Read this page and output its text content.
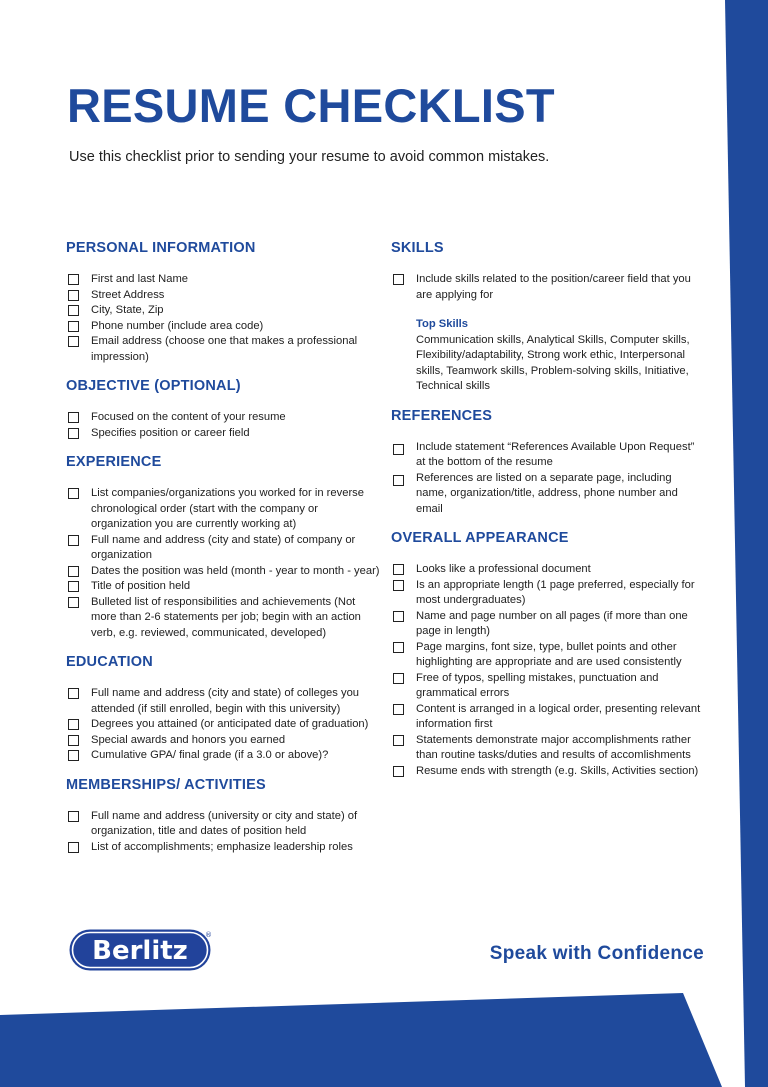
RESUME CHECKLIST

Use this checklist prior to sending your resume to avoid common mistakes.

PERSONAL INFORMATION
First and last Name
Street Address
City, State, Zip
Phone number (include area code)
Email address (choose one that makes a professional impression)
OBJECTIVE (OPTIONAL)
Focused on the content of your resume
Specifies position or career field
EXPERIENCE
List companies/organizations you worked for in reverse chronological order (start with the company or organization you are currently working at)
Full name and address (city and state) of company or organization
Dates the position was held (month - year to month - year)
Title of position held
Bulleted list of responsibilities and achievements (Not more than 2-6 statements per job; begin with an action verb, e.g. reviewed, communicated, developed)
EDUCATION
Full name and address (city and state) of colleges you attended (if still enrolled, begin with this university)
Degrees you attained (or anticipated date of graduation)
Special awards and honors you earned
Cumulative GPA/ final grade (if a 3.0 or above)?
MEMBERSHIPS/ ACTIVITIES
Full name and address (university or city and state) of organization, title and dates of position held
List of accomplishments; emphasize leadership roles
SKILLS
Include skills related to the position/career field that you are applying for
Top Skills
Communication skills, Analytical Skills, Computer skills, Flexibility/adaptability, Strong work ethic, Interpersonal skills, Teamwork skills, Problem-solving skills, Initiative, Technical skills
REFERENCES
Include statement “References Available Upon Request” at the bottom of the resume
References are listed on a separate page, including name, organization/title, address, phone number and email
OVERALL APPEARANCE
Looks like a professional document
Is an appropriate length (1 page preferred, especially for most undergraduates)
Name and page number on all pages (if more than one page in length)
Page margins, font size, type, bullet points and other highlighting are appropriate and are used consistently
Free of typos, spelling mistakes, punctuation and grammatical errors
Content is arranged in a logical order, presenting relevant information first
Statements demonstrate major accomplishments rather than routine tasks/duties and results of accomlishments
Resume ends with strength (e.g. Skills, Activities section)
Berlitz
®

Speak with Confidence
